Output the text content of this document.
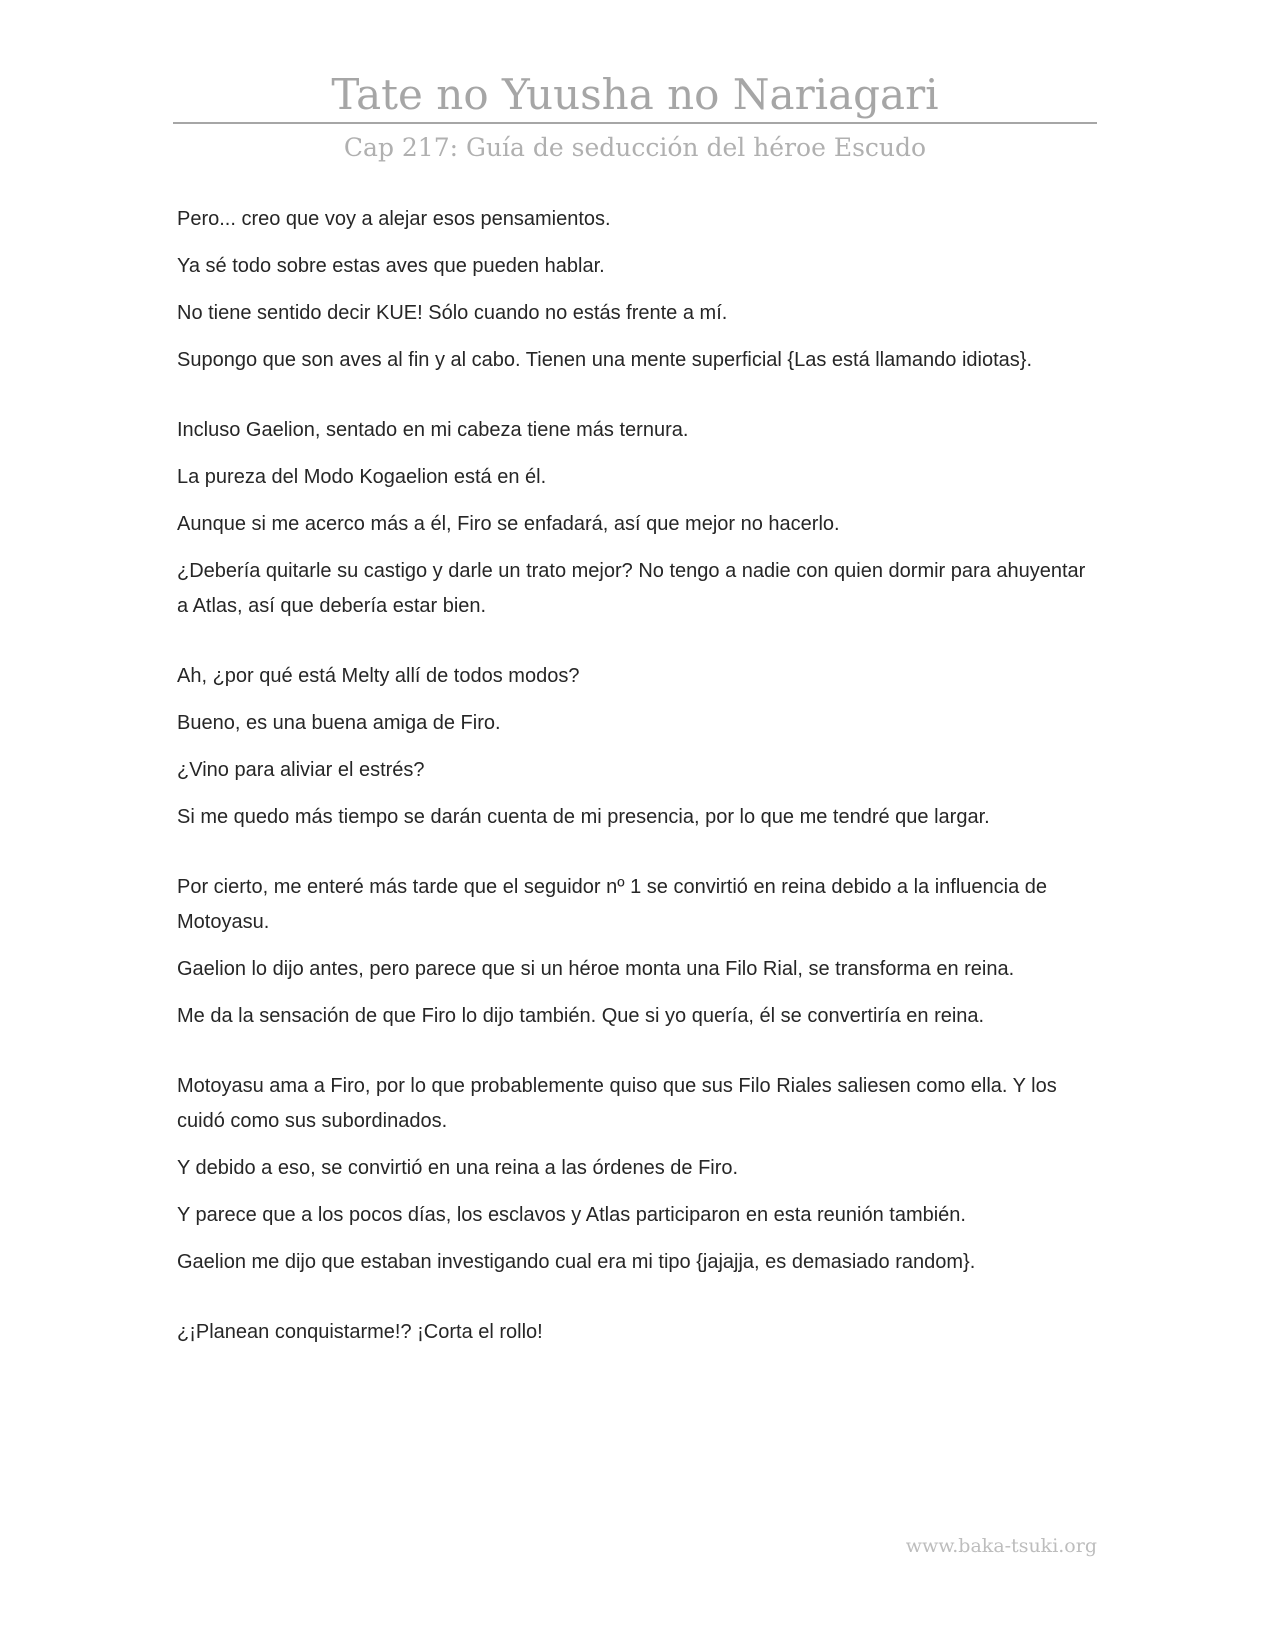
Tate no Yuusha no Nariagari
Cap 217: Guía de seducción del héroe Escudo

Pero... creo que voy a alejar esos pensamientos.

Ya sé todo sobre estas aves que pueden hablar.

No tiene sentido decir KUE! Sólo cuando no estás frente a mí.

Supongo que son aves al fin y al cabo. Tienen una mente superficial {Las está llamando idiotas}.

Incluso Gaelion, sentado en mi cabeza tiene más ternura.

La pureza del Modo Kogaelion está en él.

Aunque si me acerco más a él, Firo se enfadará, así que mejor no hacerlo.

¿Debería quitarle su castigo y darle un trato mejor? No tengo a nadie con quien dormir para ahuyentar a Atlas, así que debería estar bien.

Ah, ¿por qué está Melty allí de todos modos?

Bueno, es una buena amiga de Firo.

¿Vino para aliviar el estrés?

Si me quedo más tiempo se darán cuenta de mi presencia, por lo que me tendré que largar.

Por cierto, me enteré más tarde que el seguidor nº 1 se convirtió en reina debido a la influencia de Motoyasu.

Gaelion lo dijo antes, pero parece que si un héroe monta una Filo Rial, se transforma en reina.

Me da la sensación de que Firo lo dijo también. Que si yo quería, él se convertiría en reina.

Motoyasu ama a Firo, por lo que probablemente quiso que sus Filo Riales saliesen como ella. Y los cuidó como sus subordinados.

Y debido a eso, se convirtió en una reina a las órdenes de Firo.

Y parece que a los pocos días, los esclavos y Atlas participaron en esta reunión también.

Gaelion me dijo que estaban investigando cual era mi tipo {jajajja, es demasiado random}.

¿¡Planean conquistarme!? ¡Corta el rollo!

www.baka-tsuki.org
